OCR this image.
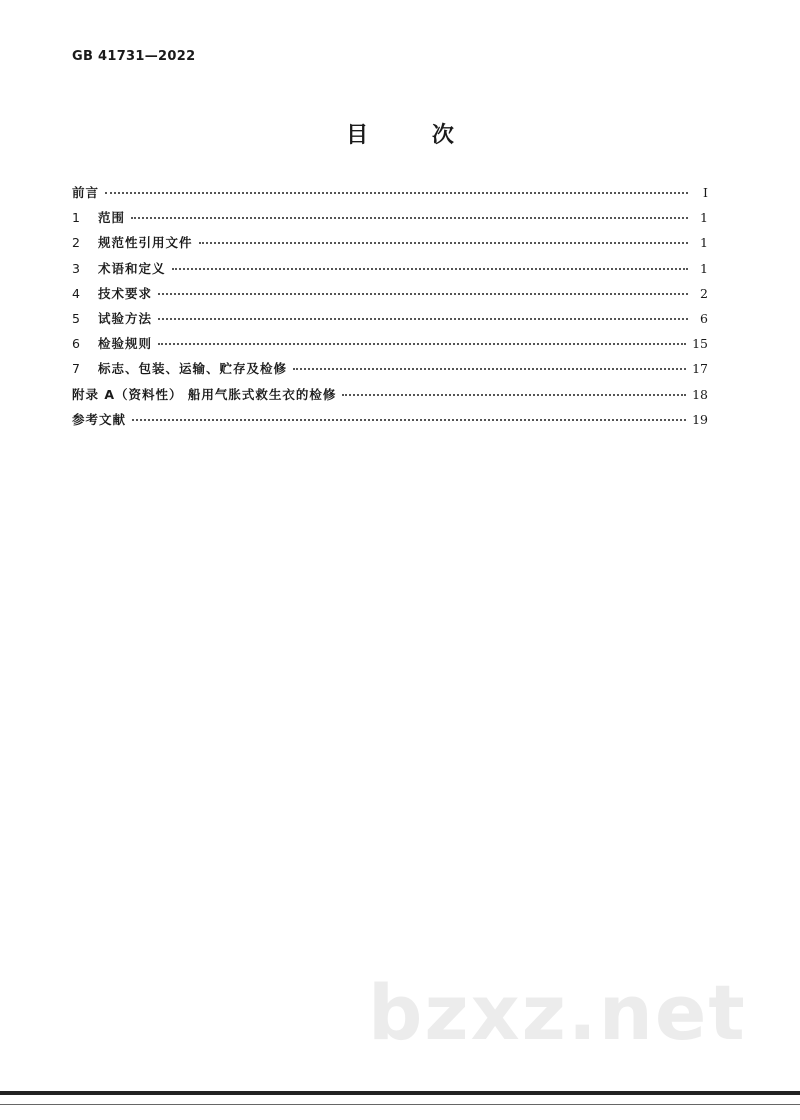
GB 41731—2022
目 次
前言	I
1	范围	1
2	规范性引用文件	1
3	术语和定义	1
4	技术要求	2
5	试验方法	6
6	检验规则	15
7	标志、包装、运输、贮存及检修	17
附录 A（资料性） 船用气胀式救生衣的检修	18
参考文献	19
bzxz.net
